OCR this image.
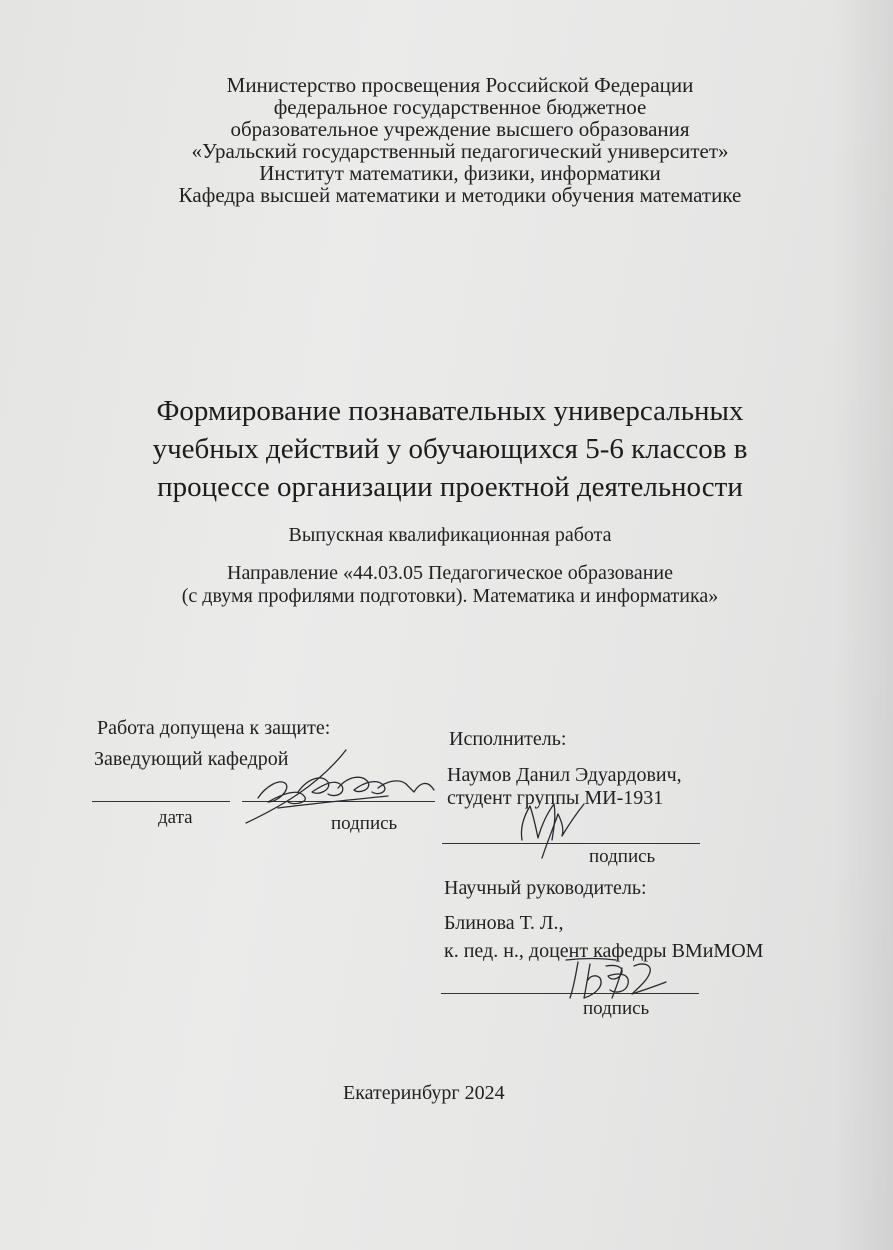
Министерство просвещения Российской Федерации
федеральное государственное бюджетное
образовательное учреждение высшего образования
«Уральский государственный педагогический университет»
Институт математики, физики, информатики
Кафедра высшей математики и методики обучения математике
Формирование познавательных универсальных
учебных действий у обучающихся 5-6 классов в
процессе организации проектной деятельности
Выпускная квалификационная работа
Направление «44.03.05 Педагогическое образование
(с двумя профилями подготовки). Математика и информатика»
Работа допущена к защите:
Заведующий кафедрой
дата	подпись
Исполнитель:
Наумов Данил Эдуардович,
студент группы МИ-1931
подпись
Научный руководитель:
Блинова Т. Л.,
к. пед. н., доцент кафедры ВМиМОМ
подпись
Екатеринбург 2024
